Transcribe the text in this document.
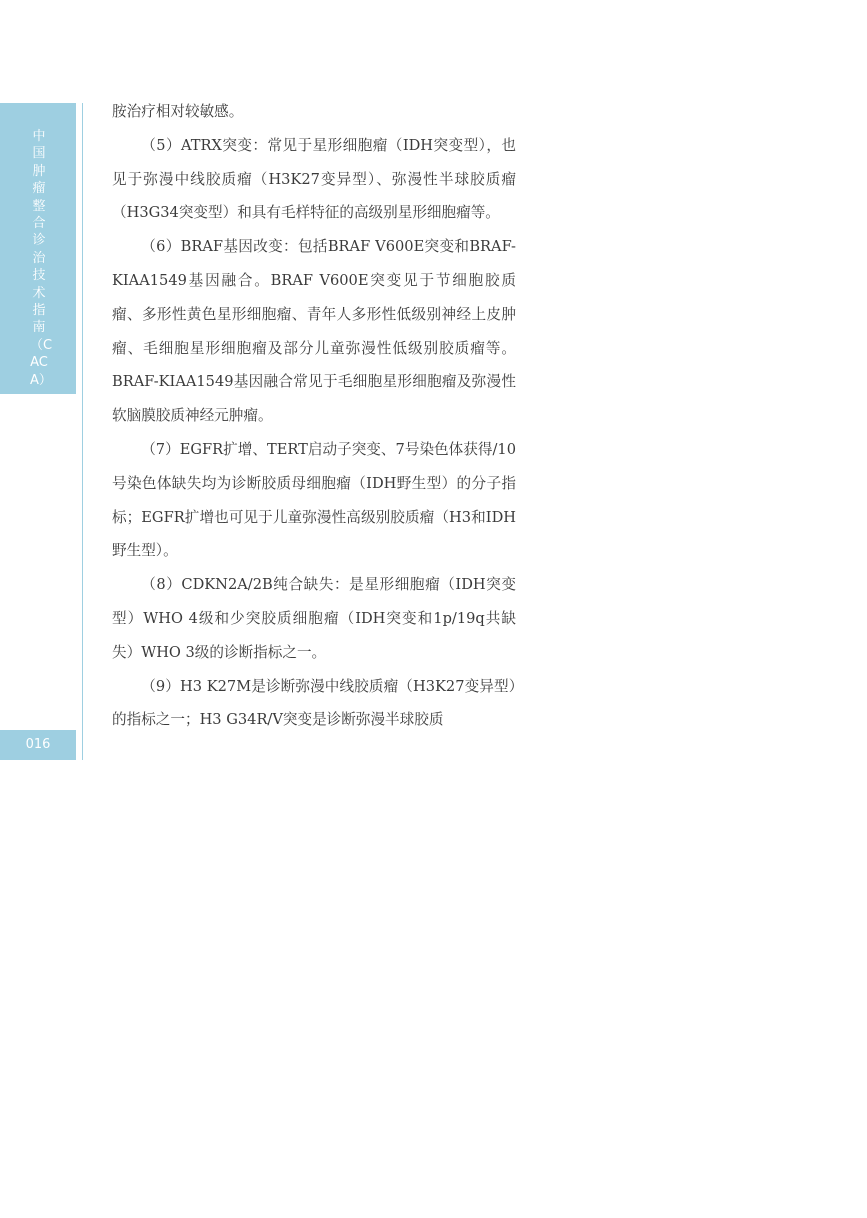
中国肿瘤整合诊治技术指南（CACA）
016

胺治疗相对较敏感。

（5）ATRX突变：常见于星形细胞瘤（IDH突变型），也见于弥漫中线胶质瘤（H3K27变异型）、弥漫性半球胶质瘤（H3G34突变型）和具有毛样特征的高级别星形细胞瘤等。

（6）BRAF基因改变：包括BRAF V600E突变和BRAF-KIAA1549基因融合。BRAF V600E突变见于节细胞胶质瘤、多形性黄色星形细胞瘤、青年人多形性低级别神经上皮肿瘤、毛细胞星形细胞瘤及部分儿童弥漫性低级别胶质瘤等。BRAF-KIAA1549基因融合常见于毛细胞星形细胞瘤及弥漫性软脑膜胶质神经元肿瘤。

（7）EGFR扩增、TERT启动子突变、7号染色体获得/10号染色体缺失均为诊断胶质母细胞瘤（IDH野生型）的分子指标；EGFR扩增也可见于儿童弥漫性高级别胶质瘤（H3和IDH野生型）。

（8）CDKN2A/2B纯合缺失：是星形细胞瘤（IDH突变型）WHO 4级和少突胶质细胞瘤（IDH突变和1p/19q共缺失）WHO 3级的诊断指标之一。

（9）H3 K27M是诊断弥漫中线胶质瘤（H3K27变异型）的指标之一；H3 G34R/V突变是诊断弥漫半球胶质
